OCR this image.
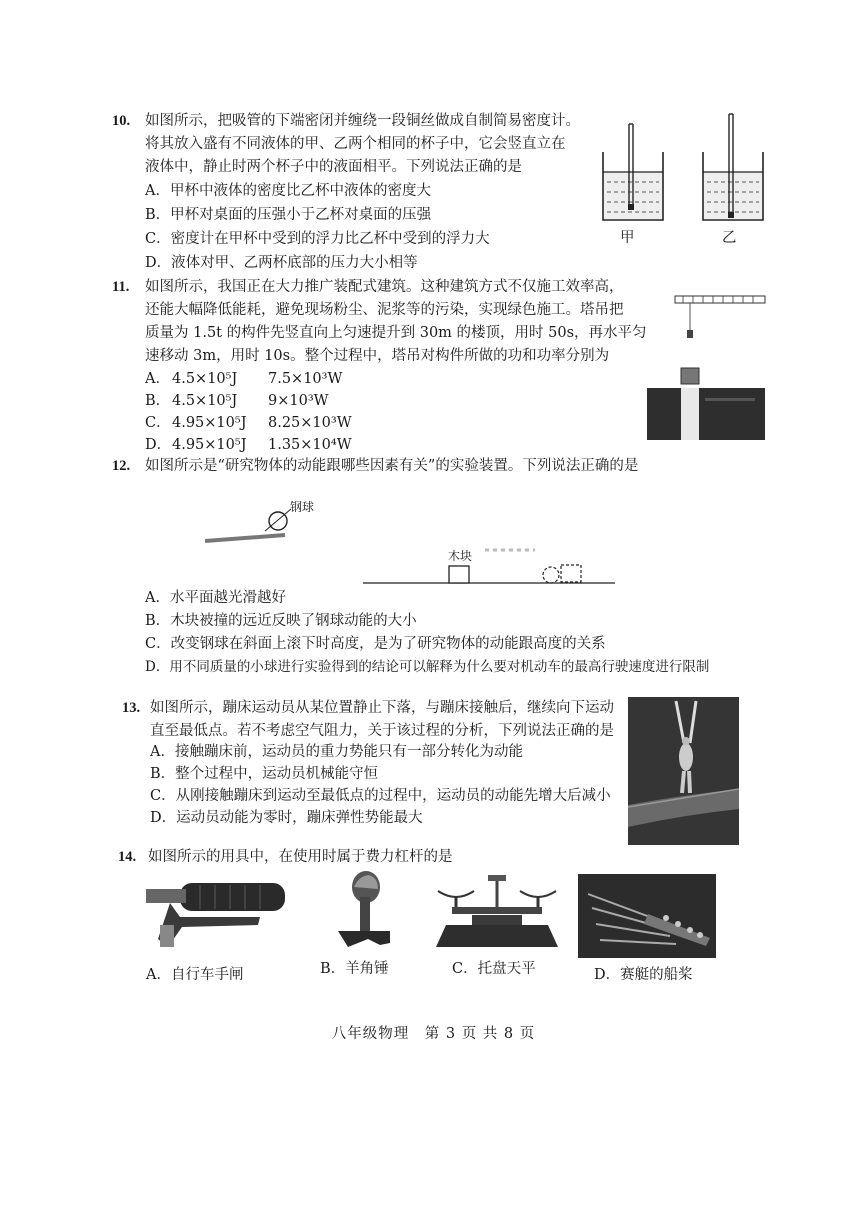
10. 如图所示，把吸管的下端密闭并缠绕一段铜丝做成自制简易密度计。
将其放入盛有不同液体的甲、乙两个相同的杯子中，它会竖直立在
液体中，静止时两个杯子中的液面相平。下列说法正确的是
A．甲杯中液体的密度比乙杯中液体的密度大
B．甲杯对桌面的压强小于乙杯对桌面的压强
C．密度计在甲杯中受到的浮力比乙杯中受到的浮力大
D．液体对甲、乙两杯底部的压力大小相等
甲	乙
11. 如图所示，我国正在大力推广装配式建筑。这种建筑方式不仅施工效率高，
还能大幅降低能耗，避免现场粉尘、泥浆等的污染，实现绿色施工。塔吊把
质量为 1.5t 的构件先竖直向上匀速提升到 30m 的楼顶，用时 50s，再水平匀
速移动 3m，用时 10s。整个过程中，塔吊对构件所做的功和功率分别为
A． 4.5×10⁵J 7.5×10³W
B． 4.5×10⁵J 9×10³W
C． 4.95×10⁵J 8.25×10³W
D． 4.95×10⁵J 1.35×10⁴W
12. 如图所示是“研究物体的动能跟哪些因素有关”的实验装置。下列说法正确的是
钢球
木块
A．水平面越光滑越好
B．木块被撞的远近反映了钢球动能的大小
C．改变钢球在斜面上滚下时高度，是为了研究物体的动能跟高度的关系
D．用不同质量的小球进行实验得到的结论可以解释为什么要对机动车的最高行驶速度进行限制
13. 如图所示，蹦床运动员从某位置静止下落，与蹦床接触后，继续向下运动
直至最低点。若不考虑空气阻力，关于该过程的分析，下列说法正确的是
A．接触蹦床前，运动员的重力势能只有一部分转化为动能
B．整个过程中，运动员机械能守恒
C．从刚接触蹦床到运动至最低点的过程中，运动员的动能先增大后减小
D．运动员动能为零时，蹦床弹性势能最大
14. 如图所示的用具中，在使用时属于费力杠杆的是
A．自行车手闸	B．羊角锤	C．托盘天平	D．赛艇的船桨
八年级物理　第 3 页 共 8 页
